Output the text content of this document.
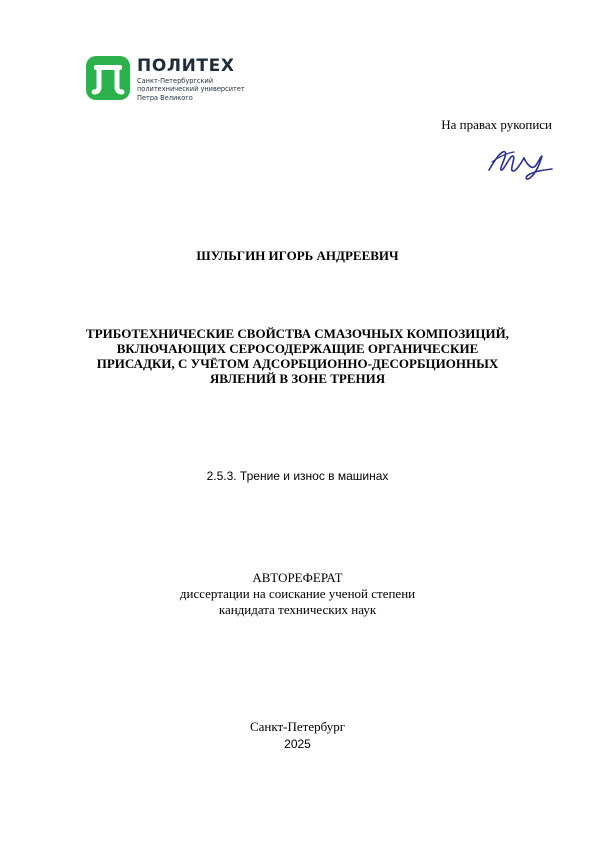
ПОЛИТЕХ
Санкт-Петербургский
политехнический университет
Петра Великого
На правах рукописи
ШУЛЬГИН ИГОРЬ АНДРЕЕВИЧ
ТРИБОТЕХНИЧЕСКИЕ СВОЙСТВА СМАЗОЧНЫХ КОМПОЗИЦИЙ,
ВКЛЮЧАЮЩИХ СЕРОСОДЕРЖАЩИЕ ОРГАНИЧЕСКИЕ
ПРИСАДКИ, С УЧЁТОМ АДСОРБЦИОННО-ДЕСОРБЦИОННЫХ
ЯВЛЕНИЙ В ЗОНЕ ТРЕНИЯ
2.5.3. Трение и износ в машинах
АВТОРЕФЕРАТ
диссертации на соискание ученой степени
кандидата технических наук
Санкт-Петербург
2025
